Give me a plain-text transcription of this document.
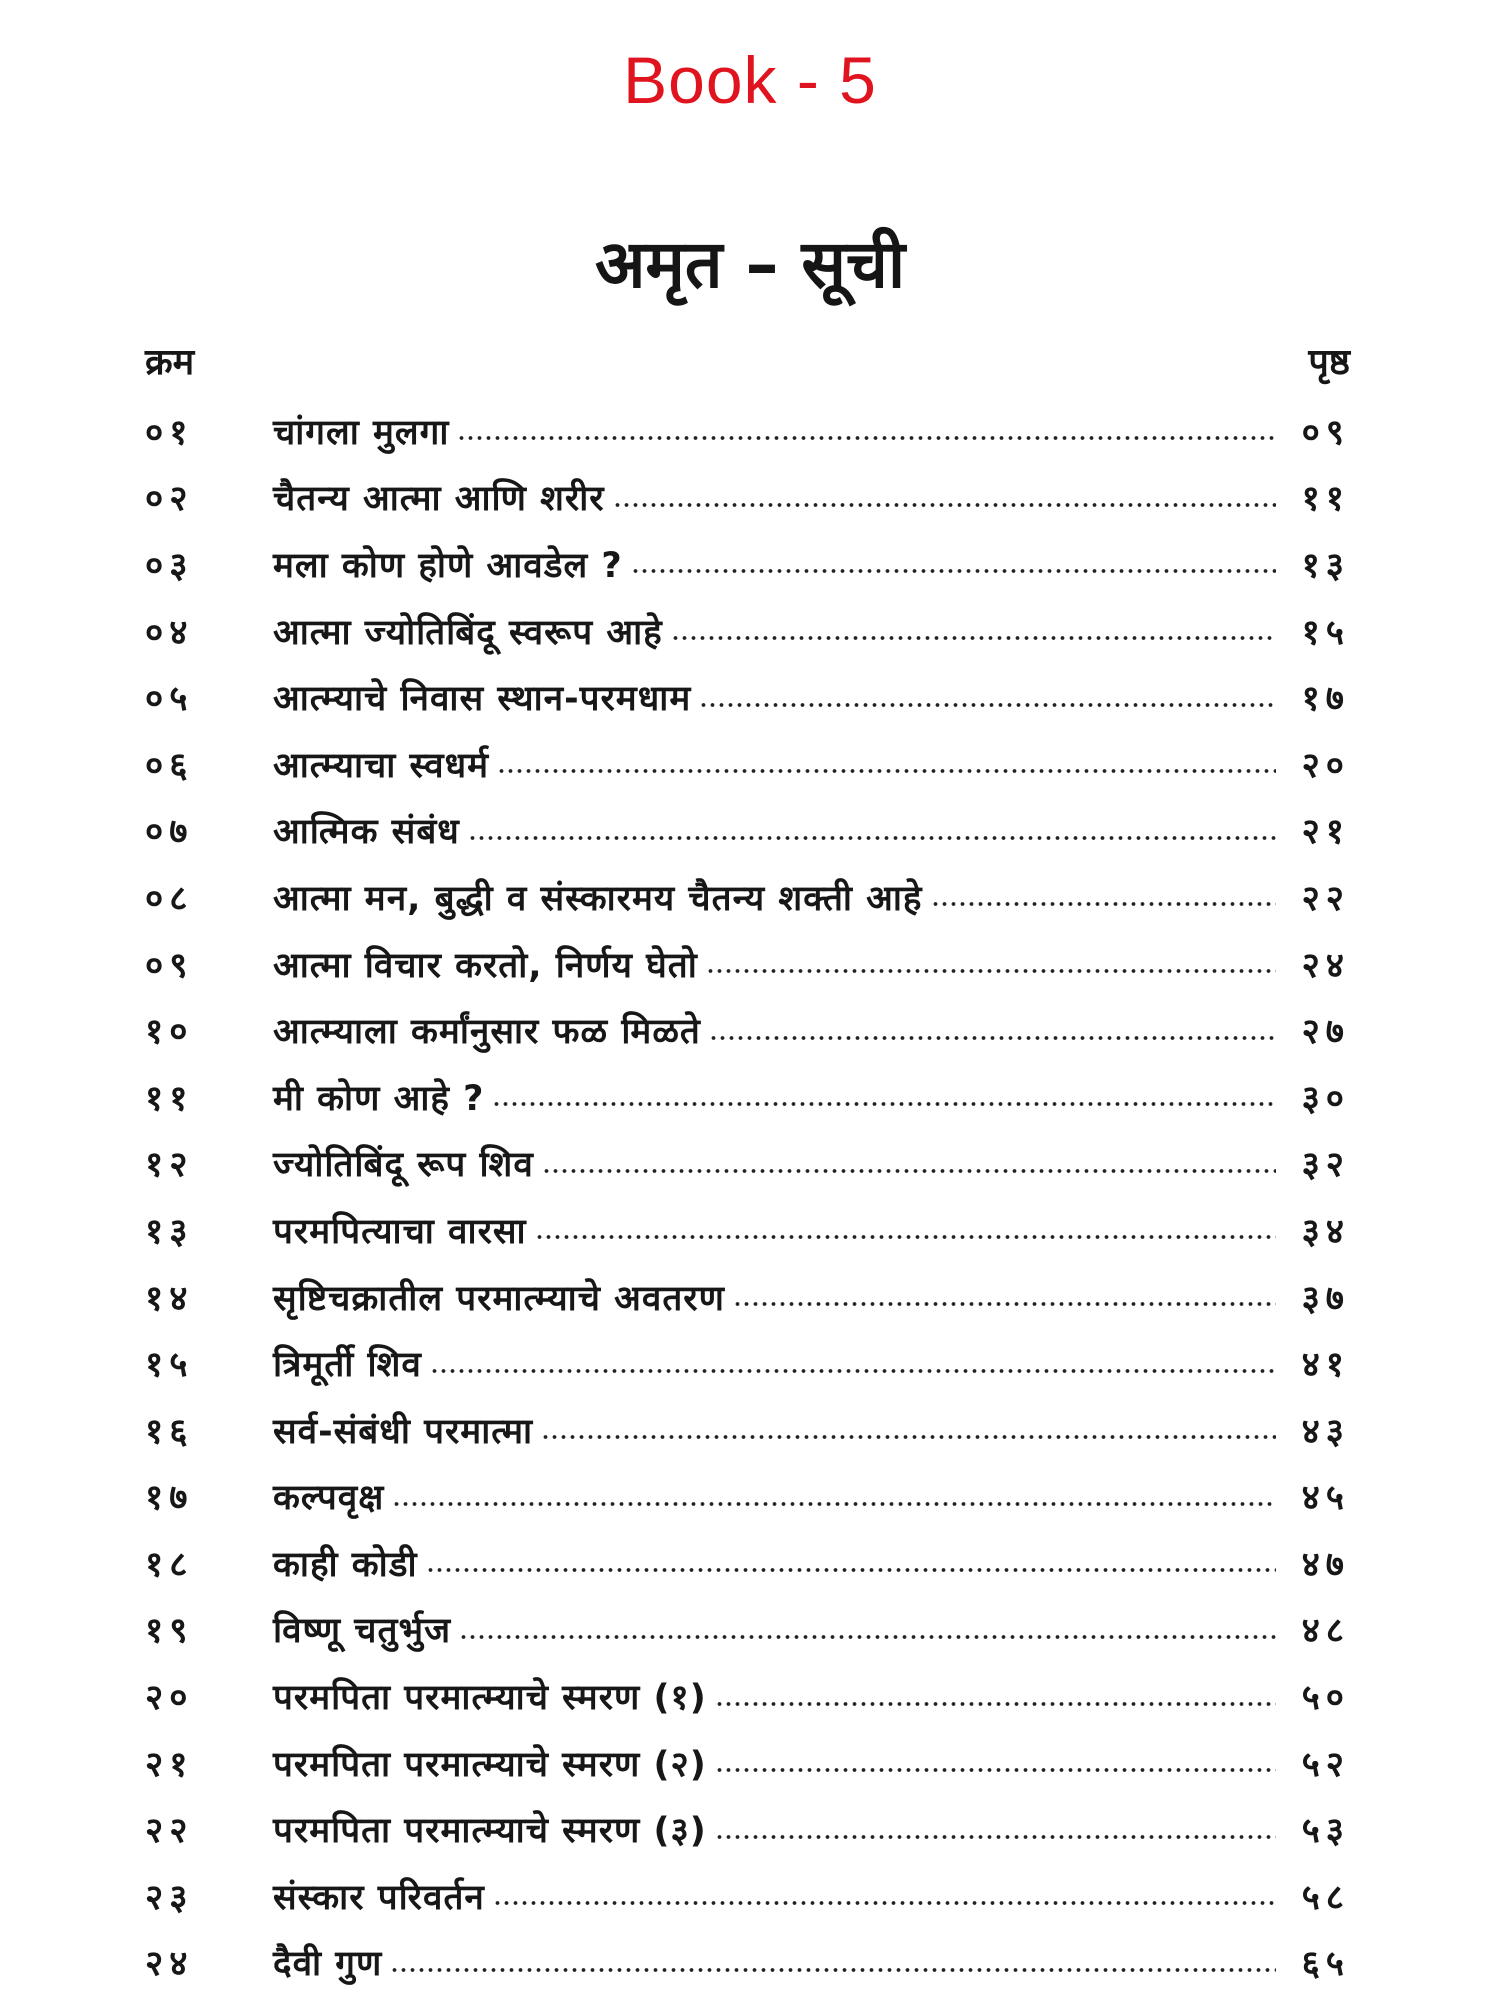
Book - 5
अमृत – सूची
क्रम	पृष्ठ
०१	चांगला मुलगा	०९
०२	चैतन्य आत्मा आणि शरीर	११
०३	मला कोण होणे आवडेल ?	१३
०४	आत्मा ज्योतिबिंदू स्वरूप आहे	१५
०५	आत्म्याचे निवास स्थान-परमधाम	१७
०६	आत्म्याचा स्वधर्म	२०
०७	आत्मिक संबंध	२१
०८	आत्मा मन, बुद्धी व संस्कारमय चैतन्य शक्ती आहे	२२
०९	आत्मा विचार करतो, निर्णय घेतो	२४
१०	आत्म्याला कर्मांनुसार फळ मिळते	२७
११	मी कोण आहे ?	३०
१२	ज्योतिबिंदू रूप शिव	३२
१३	परमपित्याचा वारसा	३४
१४	सृष्टिचक्रातील परमात्म्याचे अवतरण	३७
१५	त्रिमूर्ती शिव	४१
१६	सर्व-संबंधी परमात्मा	४३
१७	कल्पवृक्ष	४५
१८	काही कोडी	४७
१९	विष्णू चतुर्भुज	४८
२०	परमपिता परमात्म्याचे स्मरण (१)	५०
२१	परमपिता परमात्म्याचे स्मरण (२)	५२
२२	परमपिता परमात्म्याचे स्मरण (३)	५३
२३	संस्कार परिवर्तन	५८
२४	दैवी गुण	६५
